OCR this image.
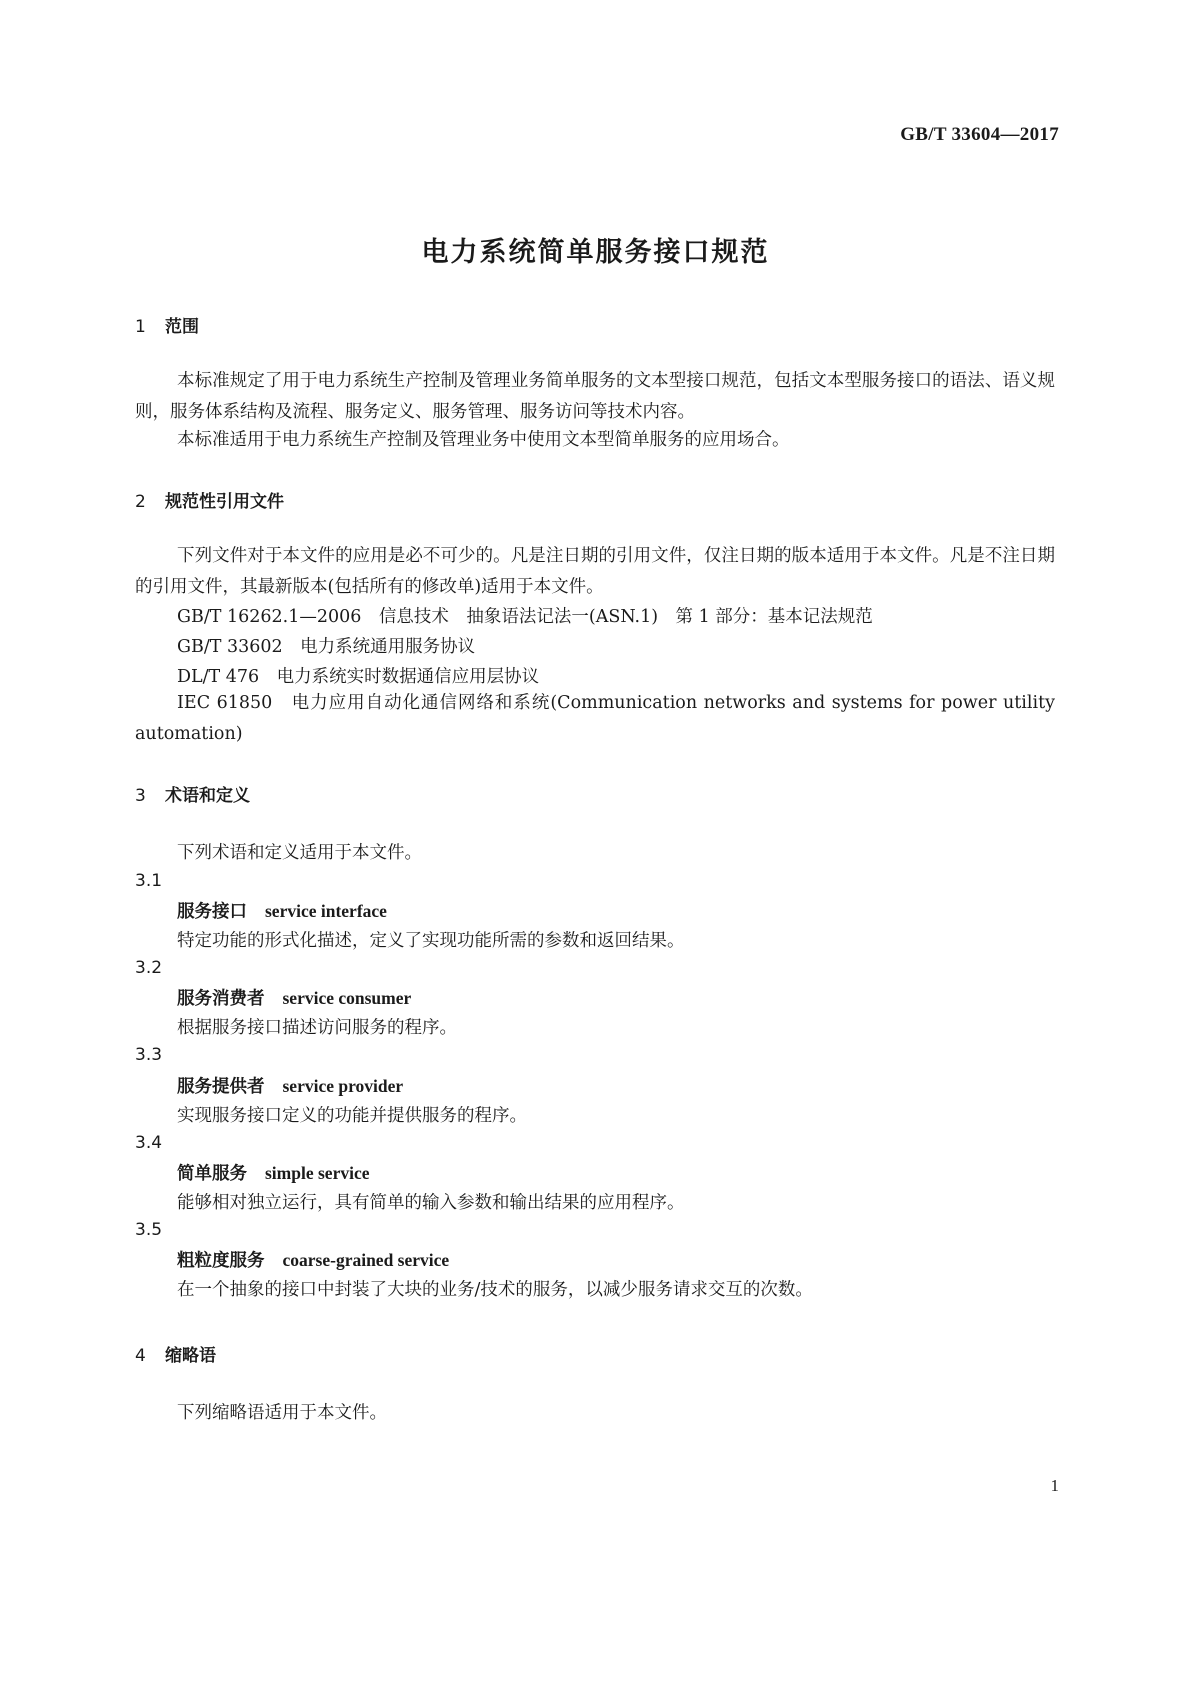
GB/T 33604—2017
电力系统简单服务接口规范
1 范围
本标准规定了用于电力系统生产控制及管理业务简单服务的文本型接口规范，包括文本型服务接口的语法、语义规则，服务体系结构及流程、服务定义、服务管理、服务访问等技术内容。
本标准适用于电力系统生产控制及管理业务中使用文本型简单服务的应用场合。
2 规范性引用文件
下列文件对于本文件的应用是必不可少的。凡是注日期的引用文件，仅注日期的版本适用于本文件。凡是不注日期的引用文件，其最新版本(包括所有的修改单)适用于本文件。
GB/T 16262.1—2006　信息技术　抽象语法记法一(ASN.1)　第 1 部分：基本记法规范
GB/T 33602　电力系统通用服务协议
DL/T 476　电力系统实时数据通信应用层协议
IEC 61850　电力应用自动化通信网络和系统(Communication networks and systems for power utility automation)
3 术语和定义
下列术语和定义适用于本文件。
3.1
服务接口 service interface
特定功能的形式化描述，定义了实现功能所需的参数和返回结果。
3.2
服务消费者 service consumer
根据服务接口描述访问服务的程序。
3.3
服务提供者 service provider
实现服务接口定义的功能并提供服务的程序。
3.4
简单服务 simple service
能够相对独立运行，具有简单的输入参数和输出结果的应用程序。
3.5
粗粒度服务 coarse-grained service
在一个抽象的接口中封装了大块的业务/技术的服务，以减少服务请求交互的次数。
4 缩略语
下列缩略语适用于本文件。
1
